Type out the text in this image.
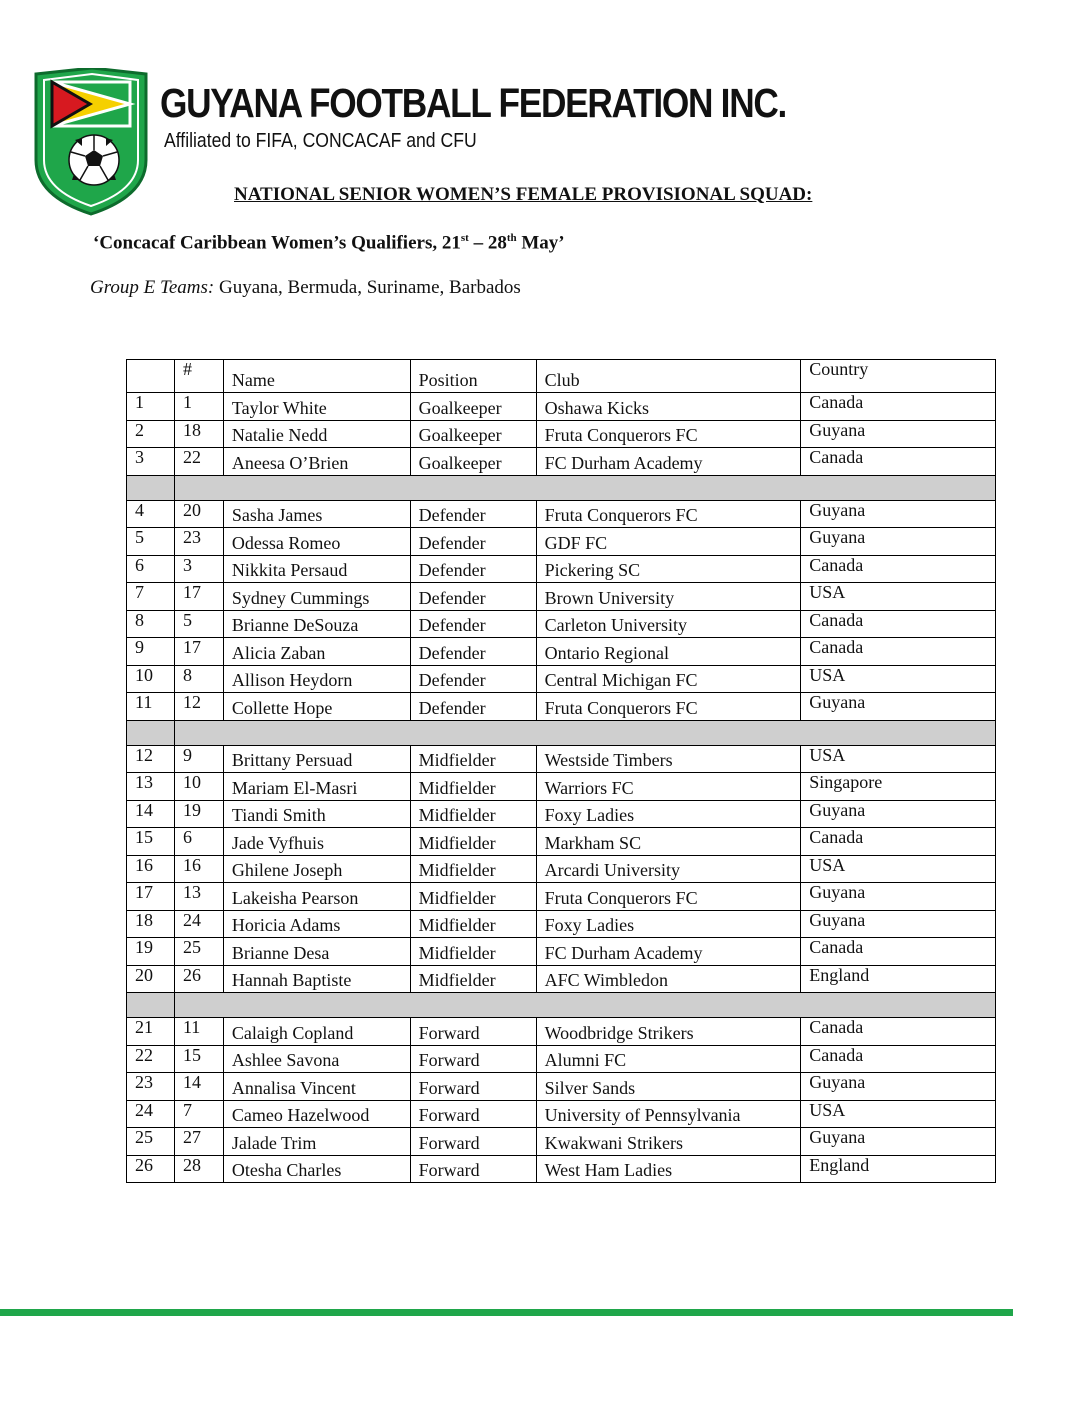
GUYANA FOOTBALL FEDERATION INC.
Affiliated to FIFA, CONCACAF and CFU
NATIONAL SENIOR WOMEN’S FEMALE PROVISIONAL SQUAD:
‘Concacaf Caribbean Women’s Qualifiers, 21st – 28th May’
Group E Teams: Guyana, Bermuda, Suriname, Barbados
	#	Name	Position	Club	Country
1	1	Taylor White	Goalkeeper	Oshawa Kicks	Canada
2	18	Natalie Nedd	Goalkeeper	Fruta Conquerors FC	Guyana
3	22	Aneesa O’Brien	Goalkeeper	FC Durham Academy	Canada

4	20	Sasha James	Defender	Fruta Conquerors FC	Guyana
5	23	Odessa Romeo	Defender	GDF FC	Guyana
6	3	Nikkita Persaud	Defender	Pickering SC	Canada
7	17	Sydney Cummings	Defender	Brown University	USA
8	5	Brianne DeSouza	Defender	Carleton University	Canada
9	17	Alicia Zaban	Defender	Ontario Regional	Canada
10	8	Allison Heydorn	Defender	Central Michigan FC	USA
11	12	Collette Hope	Defender	Fruta Conquerors FC	Guyana

12	9	Brittany Persuad	Midfielder	Westside Timbers	USA
13	10	Mariam El-Masri	Midfielder	Warriors FC	Singapore
14	19	Tiandi Smith	Midfielder	Foxy Ladies	Guyana
15	6	Jade Vyfhuis	Midfielder	Markham SC	Canada
16	16	Ghilene Joseph	Midfielder	Arcardi University	USA
17	13	Lakeisha Pearson	Midfielder	Fruta Conquerors FC	Guyana
18	24	Horicia Adams	Midfielder	Foxy Ladies	Guyana
19	25	Brianne Desa	Midfielder	FC Durham Academy	Canada
20	26	Hannah Baptiste	Midfielder	AFC Wimbledon	England

21	11	Calaigh Copland	Forward	Woodbridge Strikers	Canada
22	15	Ashlee Savona	Forward	Alumni FC	Canada
23	14	Annalisa Vincent	Forward	Silver Sands	Guyana
24	7	Cameo Hazelwood	Forward	University of Pennsylvania	USA
25	27	Jalade Trim	Forward	Kwakwani Strikers	Guyana
26	28	Otesha Charles	Forward	West Ham Ladies	England
